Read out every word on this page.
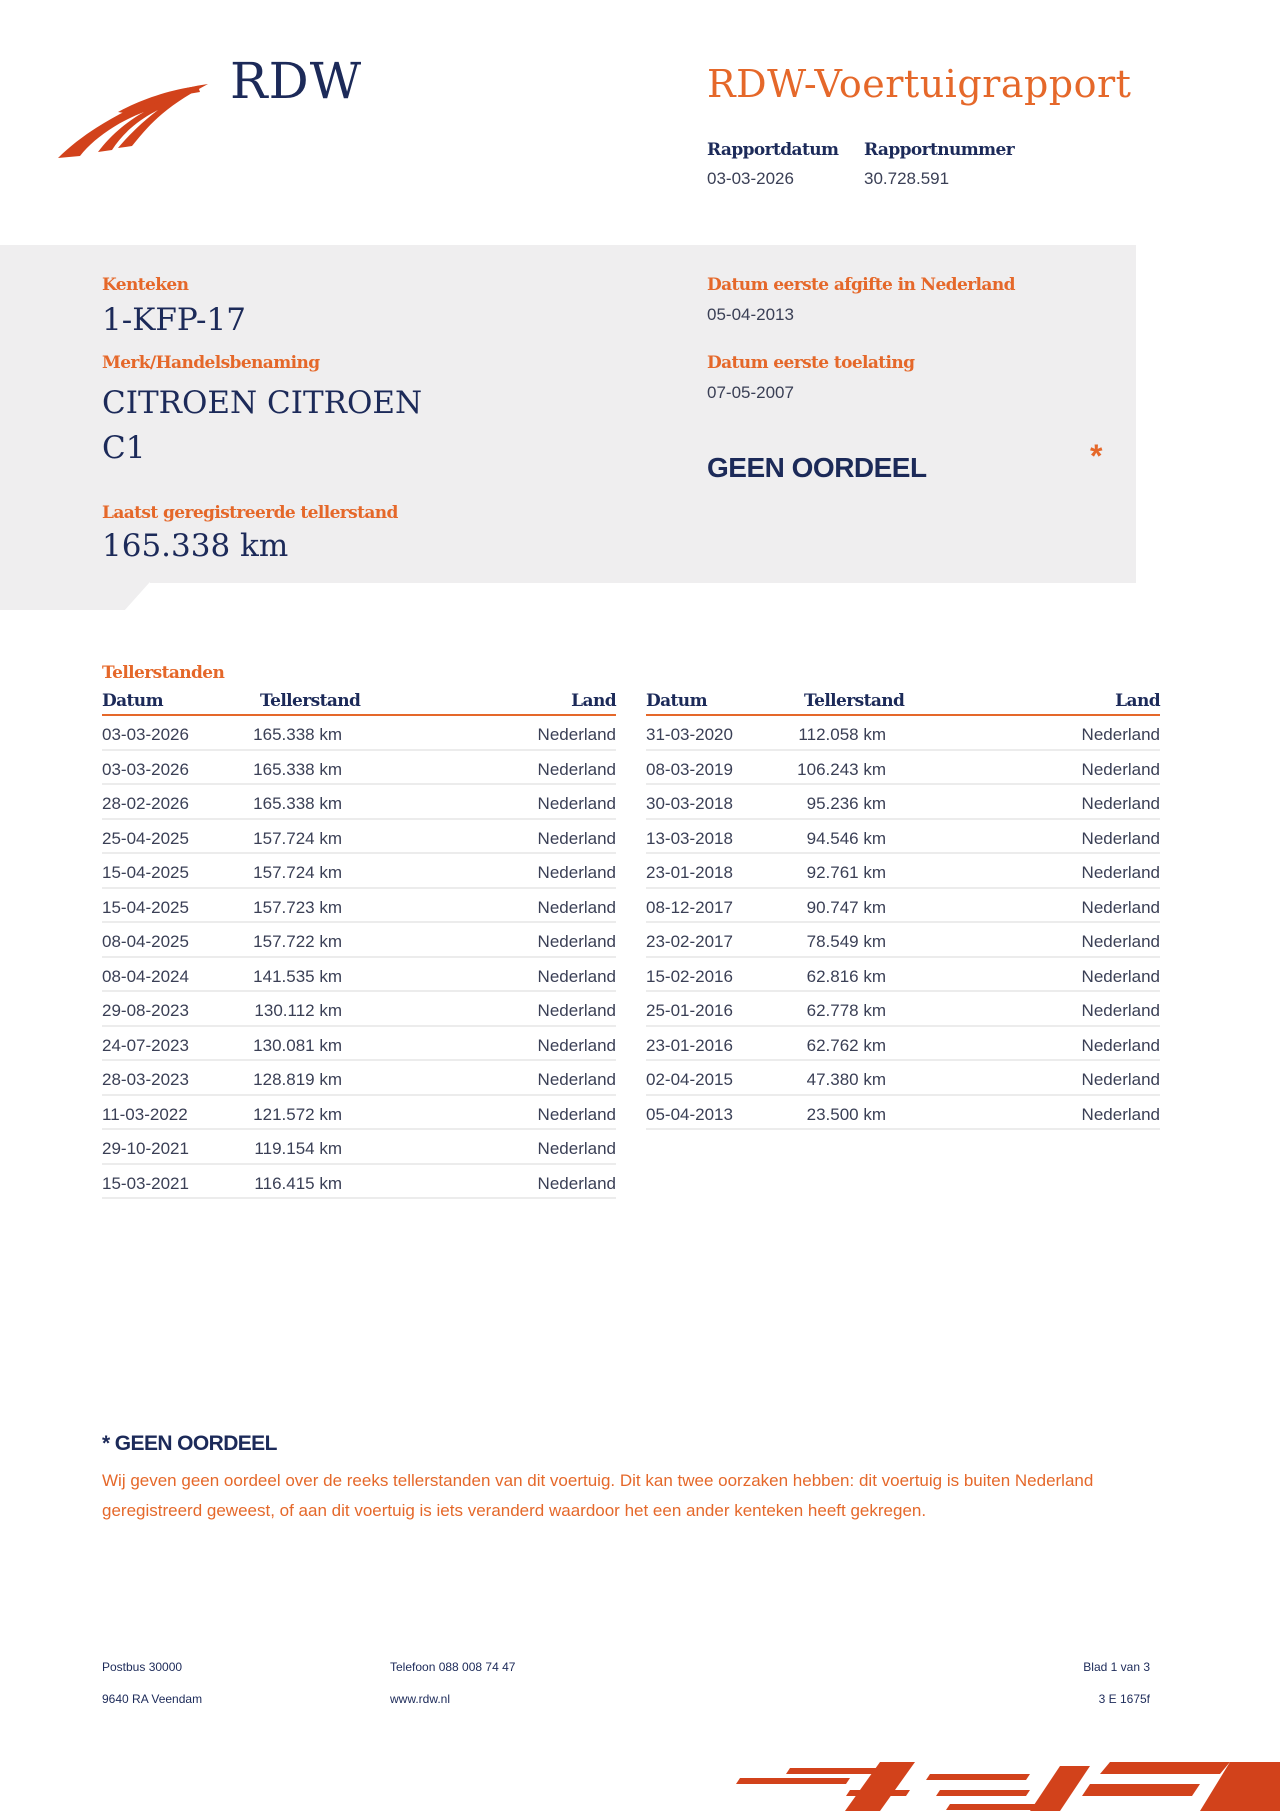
RDW	RDW-Voertuigrapport
Rapportdatum
03-03-2026
Rapportnummer
30.728.591
Kenteken
1-KFP-17
Merk/Handelsbenaming
CITROEN CITROEN
C1
Laatst geregistreerde tellerstand
165.338 km
Datum eerste afgifte in Nederland
05-04-2013
Datum eerste toelating
07-05-2007
GEEN OORDEEL	*
Tellerstanden
Datum	Tellerstand	Land
03-03-2026	165.338 km	Nederland
03-03-2026	165.338 km	Nederland
28-02-2026	165.338 km	Nederland
25-04-2025	157.724 km	Nederland
15-04-2025	157.724 km	Nederland
15-04-2025	157.723 km	Nederland
08-04-2025	157.722 km	Nederland
08-04-2024	141.535 km	Nederland
29-08-2023	130.112 km	Nederland
24-07-2023	130.081 km	Nederland
28-03-2023	128.819 km	Nederland
11-03-2022	121.572 km	Nederland
29-10-2021	119.154 km	Nederland
15-03-2021	116.415 km	Nederland
Datum	Tellerstand	Land
31-03-2020	112.058 km	Nederland
08-03-2019	106.243 km	Nederland
30-03-2018	95.236 km	Nederland
13-03-2018	94.546 km	Nederland
23-01-2018	92.761 km	Nederland
08-12-2017	90.747 km	Nederland
23-02-2017	78.549 km	Nederland
15-02-2016	62.816 km	Nederland
25-01-2016	62.778 km	Nederland
23-01-2016	62.762 km	Nederland
02-04-2015	47.380 km	Nederland
05-04-2013	23.500 km	Nederland
* GEEN OORDEEL
Wij geven geen oordeel over de reeks tellerstanden van dit voertuig. Dit kan twee oorzaken hebben: dit voertuig is buiten Nederland geregistreerd geweest, of aan dit voertuig is iets veranderd waardoor het een ander kenteken heeft gekregen.
Postbus 30000
9640 RA Veendam
Telefoon 088 008 74 47
www.rdw.nl
Blad 1 van 3
3 E 1675f
